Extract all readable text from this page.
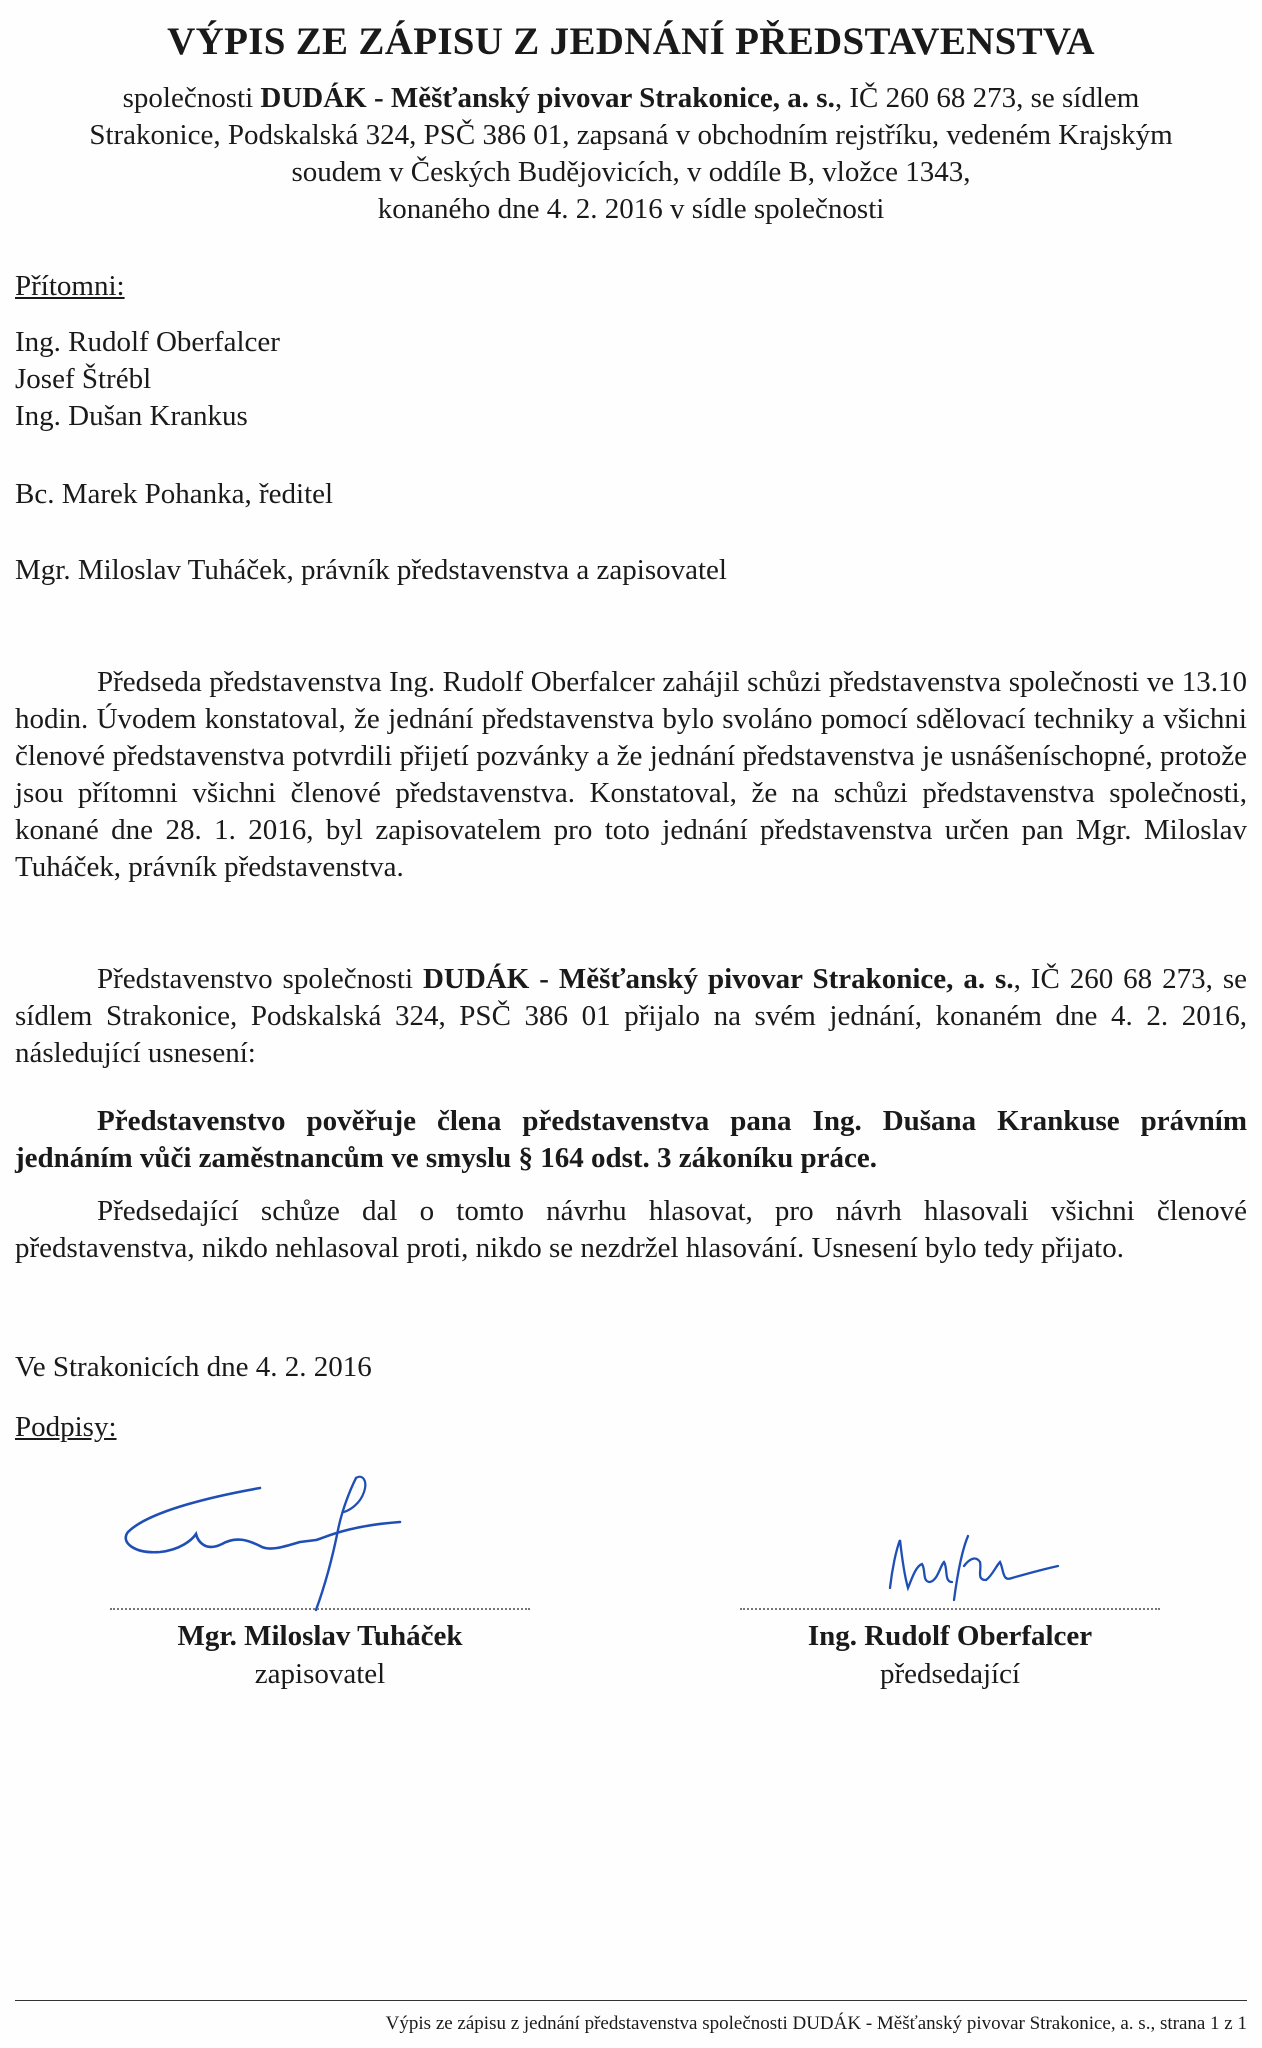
VÝPIS ZE ZÁPISU Z JEDNÁNÍ PŘEDSTAVENSTVA
společnosti DUDÁK - Měšťanský pivovar Strakonice, a. s., IČ 260 68 273, se sídlem
Strakonice, Podskalská 324, PSČ 386 01, zapsaná v obchodním rejstříku, vedeném Krajským
soudem v Českých Budějovicích, v oddíle B, vložce 1343,
konaného dne 4. 2. 2016 v sídle společnosti
Přítomni:
Ing. Rudolf Oberfalcer
Josef Štrébl
Ing. Dušan Krankus
Bc. Marek Pohanka, ředitel
Mgr. Miloslav Tuháček, právník představenstva a zapisovatel
Předseda představenstva Ing. Rudolf Oberfalcer zahájil schůzi představenstva společnosti ve 13.10 hodin. Úvodem konstatoval, že jednání představenstva bylo svoláno pomocí sdělovací techniky a všichni členové představenstva potvrdili přijetí pozvánky a že jednání představenstva je usnášeníschopné, protože jsou přítomni všichni členové představenstva. Konstatoval, že na schůzi představenstva společnosti, konané dne 28. 1. 2016, byl zapisovatelem pro toto jednání představenstva určen pan Mgr. Miloslav Tuháček, právník představenstva.
Představenstvo společnosti DUDÁK - Měšťanský pivovar Strakonice, a. s., IČ 260 68 273, se sídlem Strakonice, Podskalská 324, PSČ 386 01 přijalo na svém jednání, konaném dne 4. 2. 2016, následující usnesení:
Představenstvo pověřuje člena představenstva pana Ing. Dušana Krankuse právním jednáním vůči zaměstnancům ve smyslu § 164 odst. 3 zákoníku práce.
Předsedající schůze dal o tomto návrhu hlasovat, pro návrh hlasovali všichni členové představenstva, nikdo nehlasoval proti, nikdo se nezdržel hlasování. Usnesení bylo tedy přijato.
Ve Strakonicích dne 4. 2. 2016
Podpisy:
Mgr. Miloslav Tuháček
zapisovatel
Ing. Rudolf Oberfalcer
předsedající
Výpis ze zápisu z jednání představenstva společnosti DUDÁK - Měšťanský pivovar Strakonice, a. s., strana 1 z 1
